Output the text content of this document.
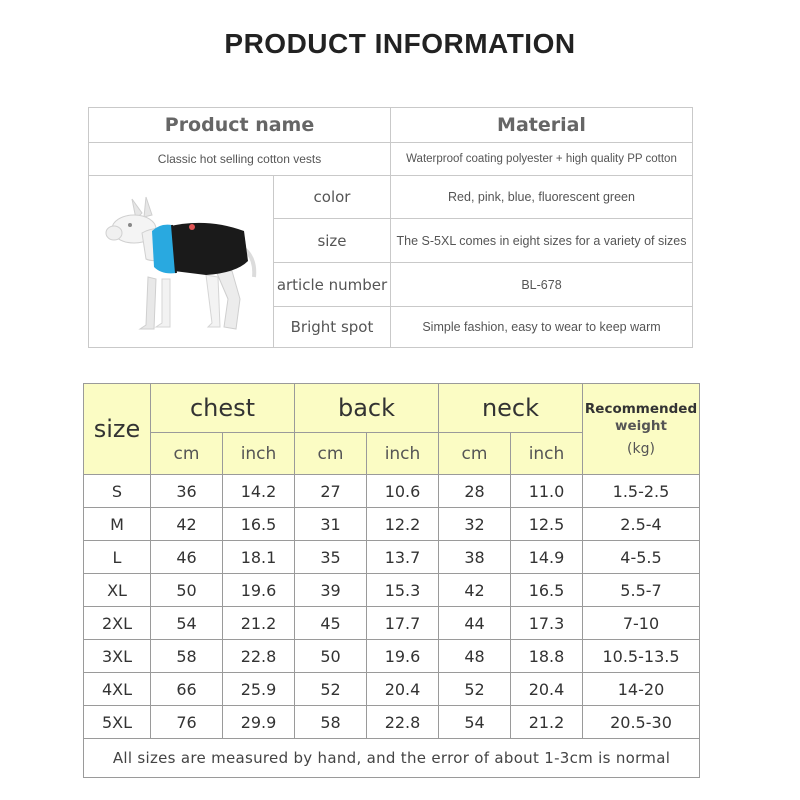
PRODUCT INFORMATION
Product name	Material
Classic hot selling cotton vests	Waterproof coating polyester + high quality PP cotton
color	Red, pink, blue, fluorescent green
size	The S-5XL comes in eight sizes for a variety of sizes
article number	BL-678
Bright spot	Simple fashion, easy to wear to keep warm
size
chest	back	neck	Recommended
weight
(kg)
cm	inch	cm	inch	cm	inch
S	36	14.2	27	10.6	28	11.0	1.5-2.5
M	42	16.5	31	12.2	32	12.5	2.5-4
L	46	18.1	35	13.7	38	14.9	4-5.5
XL	50	19.6	39	15.3	42	16.5	5.5-7
2XL	54	21.2	45	17.7	44	17.3	7-10
3XL	58	22.8	50	19.6	48	18.8	10.5-13.5
4XL	66	25.9	52	20.4	52	20.4	14-20
5XL	76	29.9	58	22.8	54	21.2	20.5-30
All sizes are measured by hand, and the error of about 1-3cm is normal
